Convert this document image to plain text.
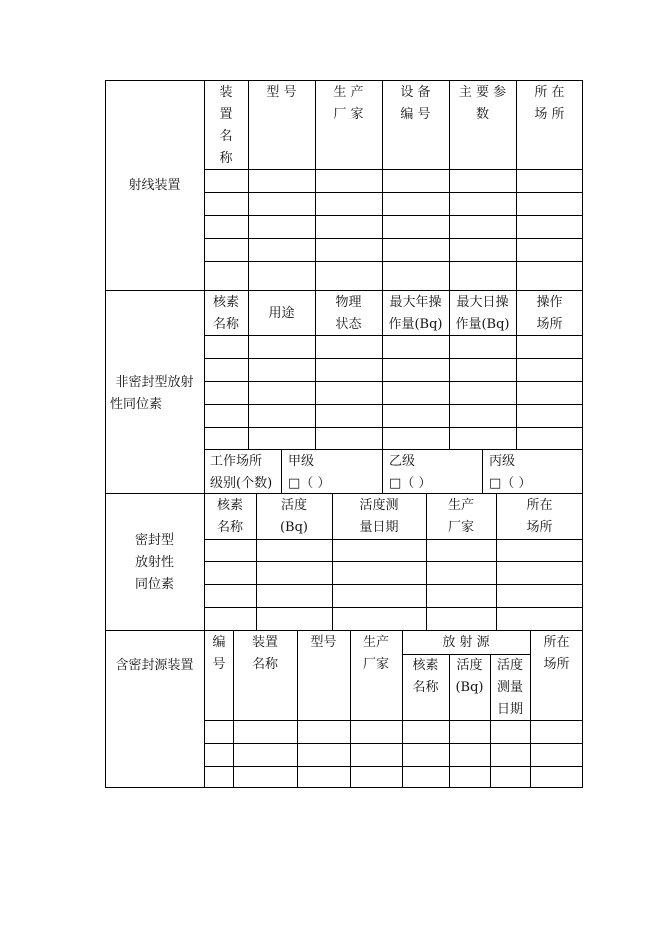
射线装置
装置名称
型 号	生 产
厂 家
设 备
编 号
主 要 参
数
所 在
场 所
非密封型放射
性同位素
核素
名称
用途
物理
状态
最大年操
作量(Bq)
最大日操
作量(Bq)
操作
场所
工作场所
级别(个数)
甲级
□（ ）
乙级
□（ ）
丙级
□（ ）
密封型
放射性
同位素
核素
名称
活度
(Bq)
活度测
量日期
生产
厂家
所在
场所
含密封源装置
编号
装置
名称
型号	生产
厂家
放 射 源
核素
名称
活度
(Bq)
活度
测量
日期
所在
场所
